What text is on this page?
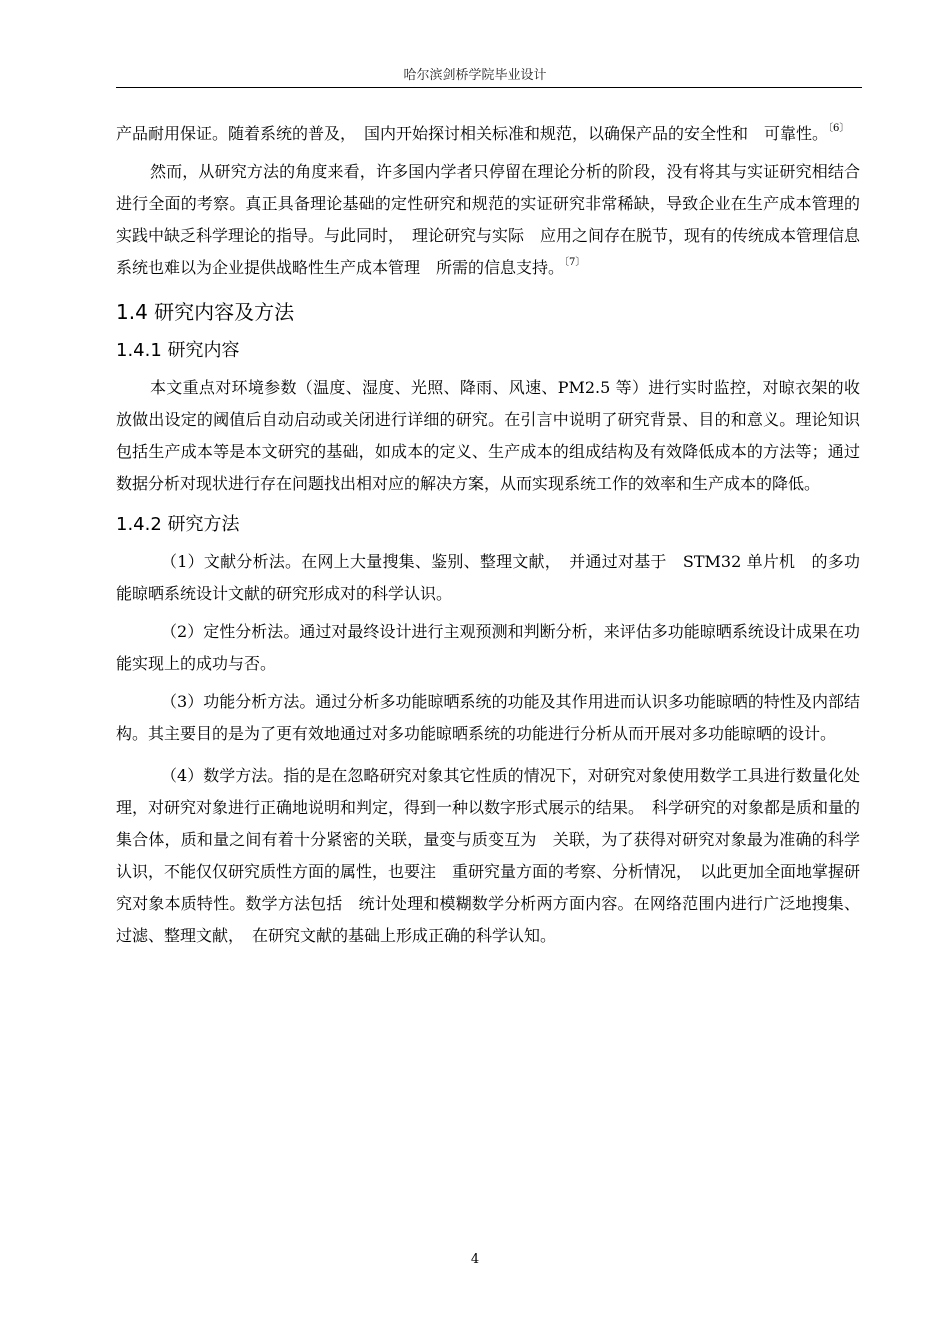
哈尔滨剑桥学院毕业设计

产品耐用保证。随着系统的普及，　国内开始探讨相关标准和规范，以确保产品的安全性和　可靠性。$^{〔6〕}$

然而，从研究方法的角度来看，许多国内学者只停留在理论分析的阶段，没有将其与实证研究相结合进行全面的考察。真正具备理论基础的定性研究和规范的实证研究非常稀缺，导致企业在生产成本管理的实践中缺乏科学理论的指导。与此同时，　理论研究与实际　应用之间存在脱节，现有的传统成本管理信息系统也难以为企业提供战略性生产成本管理　所需的信息支持。$^{〔7〕}$

1.4 研究内容及方法
1.4.1 研究内容

本文重点对环境参数（温度、湿度、光照、降雨、风速、PM2.5 等）进行实时监控，对晾衣架的收放做出设定的阈值后自动启动或关闭进行详细的研究。在引言中说明了研究背景、目的和意义。理论知识包括生产成本等是本文研究的基础，如成本的定义、生产成本的组成结构及有效降低成本的方法等；通过数据分析对现状进行存在问题找出相对应的解决方案，从而实现系统工作的效率和生产成本的降低。

1.4.2 研究方法

（1）文献分析法。在网上大量搜集、鉴别、整理文献，　并通过对基于　STM32 单片机　的多功能晾晒系统设计文献的研究形成对的科学认识。

（2）定性分析法。通过对最终设计进行主观预测和判断分析，来评估多功能晾晒系统设计成果在功能实现上的成功与否。

（3）功能分析方法。通过分析多功能晾晒系统的功能及其作用进而认识多功能晾晒的特性及内部结构。其主要目的是为了更有效地通过对多功能晾晒系统的功能进行分析从而开展对多功能晾晒的设计。

（4）数学方法。指的是在忽略研究对象其它性质的情况下，对研究对象使用数学工具进行数量化处理，对研究对象进行正确地说明和判定，得到一种以数字形式展示的结果。　科学研究的对象都是质和量的集合体，质和量之间有着十分紧密的关联，量变与质变互为　关联，为了获得对研究对象最为准确的科学认识，不能仅仅研究质性方面的属性，也要注　重研究量方面的考察、分析情况，　以此更加全面地掌握研究对象本质特性。数学方法包括　统计处理和模糊数学分析两方面内容。在网络范围内进行广泛地搜集、过滤、整理文献，　在研究文献的基础上形成正确的科学认知。

4
